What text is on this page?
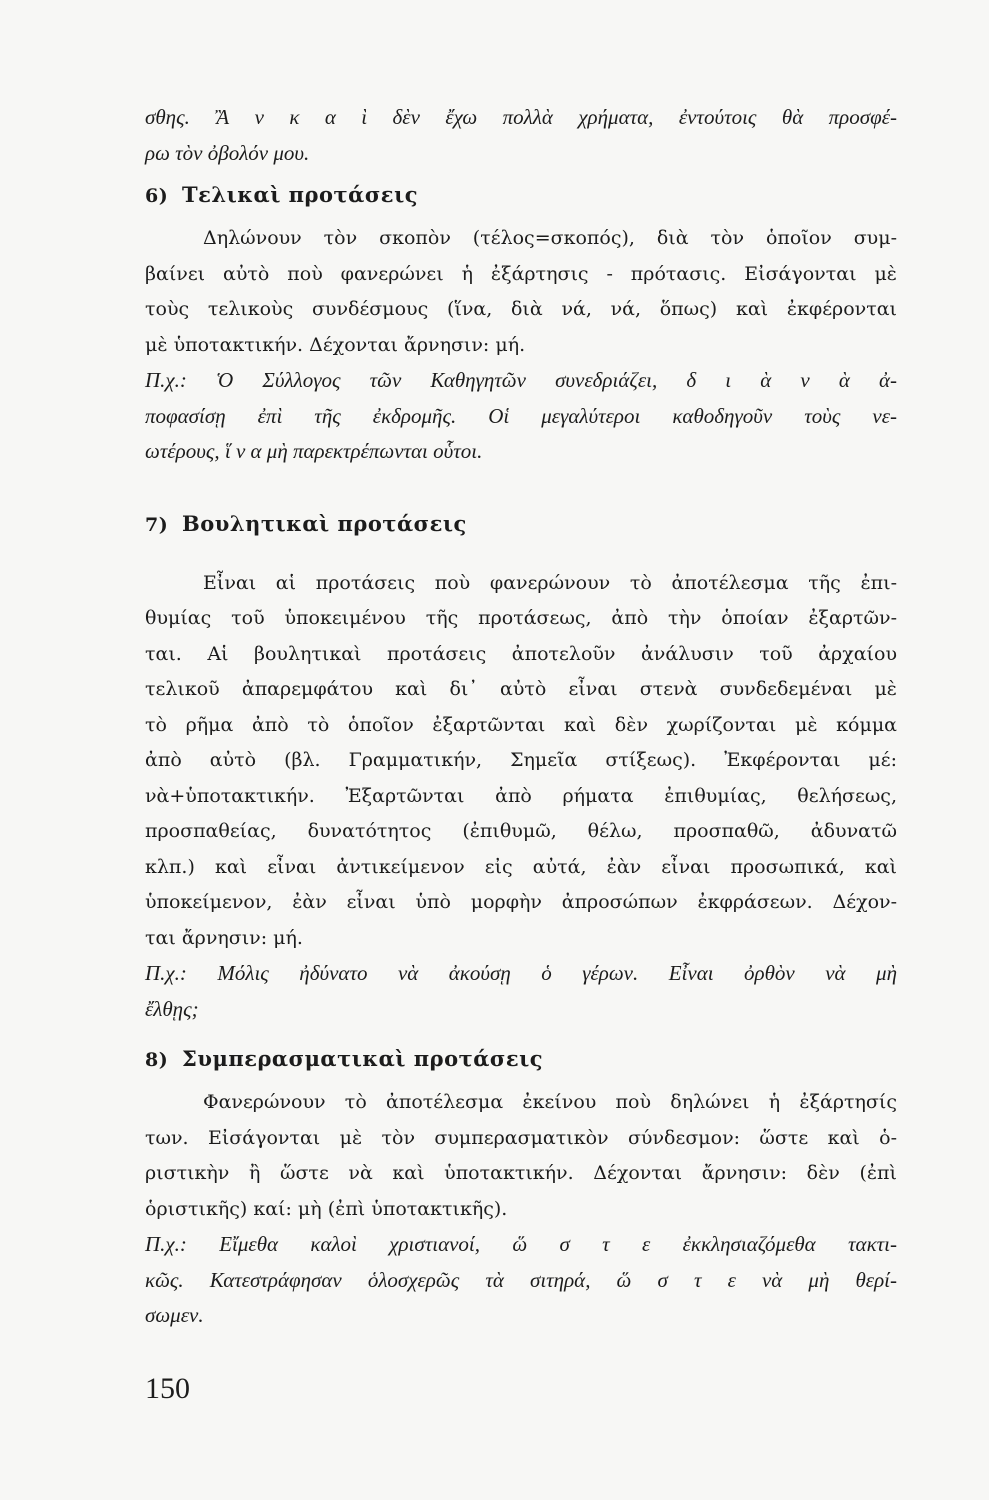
σθης. Ἂ ν κ α ὶ δὲν ἔχω πολλὰ χρήματα, ἐντούτοις θὰ προσφέ-
ρω τὸν ὀβολόν μου.
6) Τελικαὶ προτάσεις
Δηλώνουν τὸν σκοπὸν (τέλος=σκοπός), διὰ τὸν ὁποῖον συμ-
βαίνει αὐτὸ ποὺ φανερώνει ἡ ἐξάρτησις - πρότασις. Εἰσάγονται μὲ
τοὺς τελικοὺς συνδέσμους (ἵνα, διὰ νά, νά, ὅπως) καὶ ἐκφέρονται
μὲ ὑποτακτικήν. Δέχονται ἄρνησιν: μή.
Π.χ.: Ὁ Σύλλογος τῶν Καθηγητῶν συνεδριάζει, δ ι ὰ ν ὰ ἀ-
ποφασίσῃ ἐπὶ τῆς ἐκδρομῆς. Οἱ μεγαλύτεροι καθοδηγοῦν τοὺς νε-
ωτέρους, ἵ ν α μὴ παρεκτρέπωνται οὗτοι.
7) Βουλητικαὶ προτάσεις
Εἶναι αἱ προτάσεις ποὺ φανερώνουν τὸ ἀποτέλεσμα τῆς ἐπι-
θυμίας τοῦ ὑποκειμένου τῆς προτάσεως, ἀπὸ τὴν ὁποίαν ἐξαρτῶν-
ται. Αἱ βουλητικαὶ προτάσεις ἀποτελοῦν ἀνάλυσιν τοῦ ἀρχαίου
τελικοῦ ἀπαρεμφάτου καὶ δι᾽ αὐτὸ εἶναι στενὰ συνδεδεμέναι μὲ
τὸ ρῆμα ἀπὸ τὸ ὁποῖον ἐξαρτῶνται καὶ δὲν χωρίζονται μὲ κόμμα
ἀπὸ αὐτὸ (βλ. Γραμματικήν, Σημεῖα στίξεως). Ἐκφέρονται μέ:
νὰ+ὑποτακτικήν. Ἐξαρτῶνται ἀπὸ ρήματα ἐπιθυμίας, θελήσεως,
προσπαθείας, δυνατότητος (ἐπιθυμῶ, θέλω, προσπαθῶ, ἀδυνατῶ
κλπ.) καὶ εἶναι ἀντικείμενον εἰς αὐτά, ἐὰν εἶναι προσωπικά, καὶ
ὑποκείμενον, ἐὰν εἶναι ὑπὸ μορφὴν ἀπροσώπων ἐκφράσεων. Δέχον-
ται ἄρνησιν: μή.
Π.χ.: Μόλις ἠδύνατο νὰ ἀκούσῃ ὁ γέρων. Εἶναι ὀρθὸν νὰ μὴ
ἔλθῃς;
8) Συμπερασματικαὶ προτάσεις
Φανερώνουν τὸ ἀποτέλεσμα ἐκείνου ποὺ δηλώνει ἡ ἐξάρτησίς
των. Εἰσάγονται μὲ τὸν συμπερασματικὸν σύνδεσμον: ὥστε καὶ ὁ-
ριστικὴν ἢ ὥστε νὰ καὶ ὑποτακτικήν. Δέχονται ἄρνησιν: δὲν (ἐπὶ
ὁριστικῆς) καί: μὴ (ἐπὶ ὑποτακτικῆς).
Π.χ.: Εἴμεθα καλοὶ χριστιανοί, ὥ σ τ ε ἐκκλησιαζόμεθα τακτι-
κῶς. Κατεστράφησαν ὁλοσχερῶς τὰ σιτηρά, ὥ σ τ ε νὰ μὴ θερί-
σωμεν.
150
